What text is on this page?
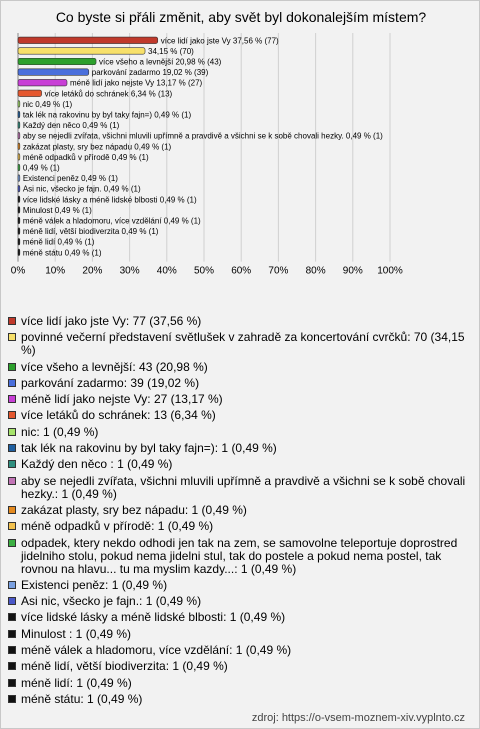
Co byste si přáli změnit, aby svět byl dokonalejším místem?
0% 10% 20% 30% 40% 50% 60% 70% 80% 90% 100%
více lidí jako jste Vy 37,56 % (77)
34,15 % (70)
více všeho a levnější 20,98 % (43)
parkování zadarmo 19,02 % (39)
méně lidí jako nejste Vy 13,17 % (27)
více letáků do schránek 6,34 % (13)
nic 0,49 % (1)
tak lék na rakovinu by byl taky fajn=) 0,49 % (1)
Každý den něco 0,49 % (1)
aby se nejedli zvířata, všichni mluvili upřímně a pravdivě a všichni se k sobě chovali hezky. 0,49 % (1)
zakázat plasty, sry bez nápadu 0,49 % (1)
méně odpadků v přírodě 0,49 % (1)
0,49 % (1)
Existenci peněz 0,49 % (1)
Asi nic, všecko je fajn. 0,49 % (1)
více lidské lásky a méně lidské blbosti 0,49 % (1)
Minulost 0,49 % (1)
méně válek a hladomoru, více vzdělání 0,49 % (1)
méně lidí, větší biodiverzita 0,49 % (1)
méně lidí 0,49 % (1)
méně státu 0,49 % (1)
více lidí jako jste Vy: 77 (37,56 %)
povinné večerní představení světlušek v zahradě za koncertování cvrčků: 70 (34,15 %)
více všeho a levnější: 43 (20,98 %)
parkování zadarmo: 39 (19,02 %)
méně lidí jako nejste Vy: 27 (13,17 %)
více letáků do schránek: 13 (6,34 %)
nic: 1 (0,49 %)
tak lék na rakovinu by byl taky fajn=): 1 (0,49 %)
Každý den něco : 1 (0,49 %)
aby se nejedli zvířata, všichni mluvili upřímně a pravdivě a všichni se k sobě chovali hezky.: 1 (0,49 %)
zakázat plasty, sry bez nápadu: 1 (0,49 %)
méně odpadků v přírodě: 1 (0,49 %)
odpadek, ktery nekdo odhodi jen tak na zem, se samovolne teleportuje doprostred jidelniho stolu, pokud nema jidelni stul, tak do postele a pokud nema postel, tak rovnou na hlavu... tu ma myslim kazdy...: 1 (0,49 %)
Existenci peněz: 1 (0,49 %)
Asi nic, všecko je fajn.: 1 (0,49 %)
více lidské lásky a méně lidské blbosti: 1 (0,49 %)
Minulost : 1 (0,49 %)
méně válek a hladomoru, více vzdělání: 1 (0,49 %)
méně lidí, větší biodiverzita: 1 (0,49 %)
méně lidí: 1 (0,49 %)
méně státu: 1 (0,49 %)
zdroj: https://o-vsem-moznem-xiv.vyplnto.cz
